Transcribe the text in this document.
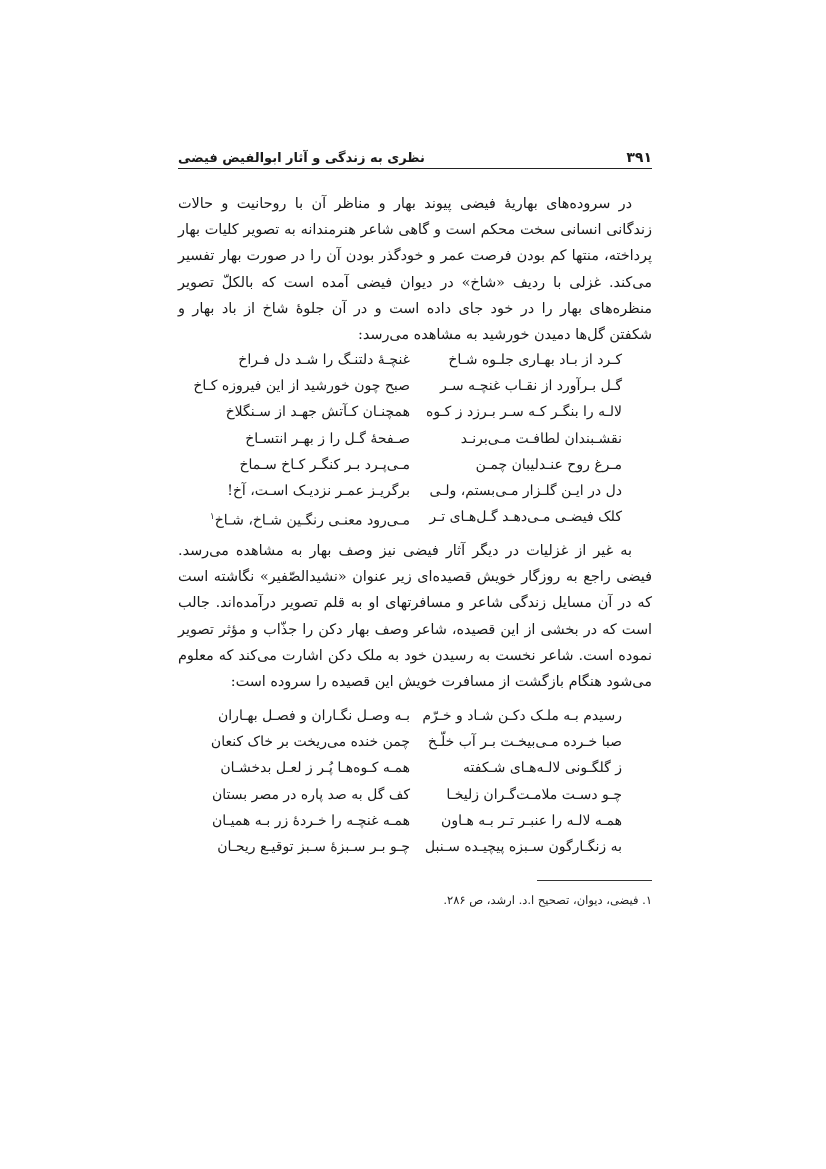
۳۹۱
نظری به زندگی و آثار ابوالفیض فیضی

در سروده‌های بهاریهٔ فیضی پیوند بهار و مناظر آن با روحانیت و حالات زندگانی انسانی سخت محکم است و گاهی شاعر هنرمندانه به تصویر کلیات بهار پرداخته، منتها کم بودن فرصت عمر و خودگذر بودن آن را در صورت بهار تفسیر می‌کند. غزلی با ردیف «شاخ» در دیوان فیضی آمده است که بالکلّ تصویر منظره‌های بهار را در خود جای داده است و در آن جلوهٔ شاخ از باد بهار و شکفتن گل‌ها دمیدن خورشید به مشاهده می‌رسد:

کـرد از بـاد بهـاری جلـوه شـاخ
غنچـهٔ دلتنـگ را شـد دل فـراخ
گـل بـرآورد از نقـاب غنچـه سـر
صبح چون خورشید از این فیروزه کـاخ
لالـه را بنگـر کـه سـر بـرزد ز کـوه
همچنـان کـآتش جهـد از سـنگلاخ
نقشـبندان لطافـت مـی‌برنـد
صـفحهٔ گـل را ز بهـر انتسـاخ
مـرغ روح عنـدلیبان چمـن
مـی‌پـرد بـر کنگـر کـاخ سـماخ
دل در ایـن گلـزار مـی‌بستم، ولـی
برگریـز عمـر نزدیـک اسـت، آخ!
کلک فیضـی مـی‌دهـد گـل‌هـای تـر
مـی‌رود معنـی رنگـین شـاخ، شـاخ$^۱$

به غیر از غزلیات در دیگر آثار فیضی نیز وصف بهار به مشاهده می‌رسد. فیضی راجع به روزگار خویش قصیده‌ای زیر عنوان «نشیدالصّفیر» نگاشته است که در آن مسایل زندگی شاعر و مسافرتهای او به قلم تصویر درآمده‌اند. جالب است که در بخشی از این قصیده، شاعر وصف بهار دکن را جذّاب و مؤثر تصویر نموده است. شاعر نخست به رسیدن خود به ملک دکن اشارت می‌کند که معلوم می‌شود هنگام بازگشت از مسافرت خویش این قصیده را سروده است:

رسیدم بـه ملـک دکـن شـاد و خـرّم
بـه وصـل نگـاران و فصـل بهـاران
صبا خـرده مـی‌بیخـت بـر آب خلّـخ
چمن خنده می‌ریخت بر خاک کنعان
ز گلگـونی لالـه‌هـای شـکفته
همـه کـوه‌هـا پُـر ز لعـل بدخشـان
چـو دسـت ملامـت‌گـران زلیخـا
کف گل به صد پاره در مصر بستان
همـه لالـه را عنبـر تـر بـه هـاون
همـه غنچـه را خـردهٔ زر بـه همیـان
به زنگـارگون سـبزه پیچیـده سـنبل
چـو بـر سـبزهٔ سـبز توقیـع ریحـان
۱. فیضی، دیوان، تصحیح ا.د. ارشد، ص ۲۸۶.
